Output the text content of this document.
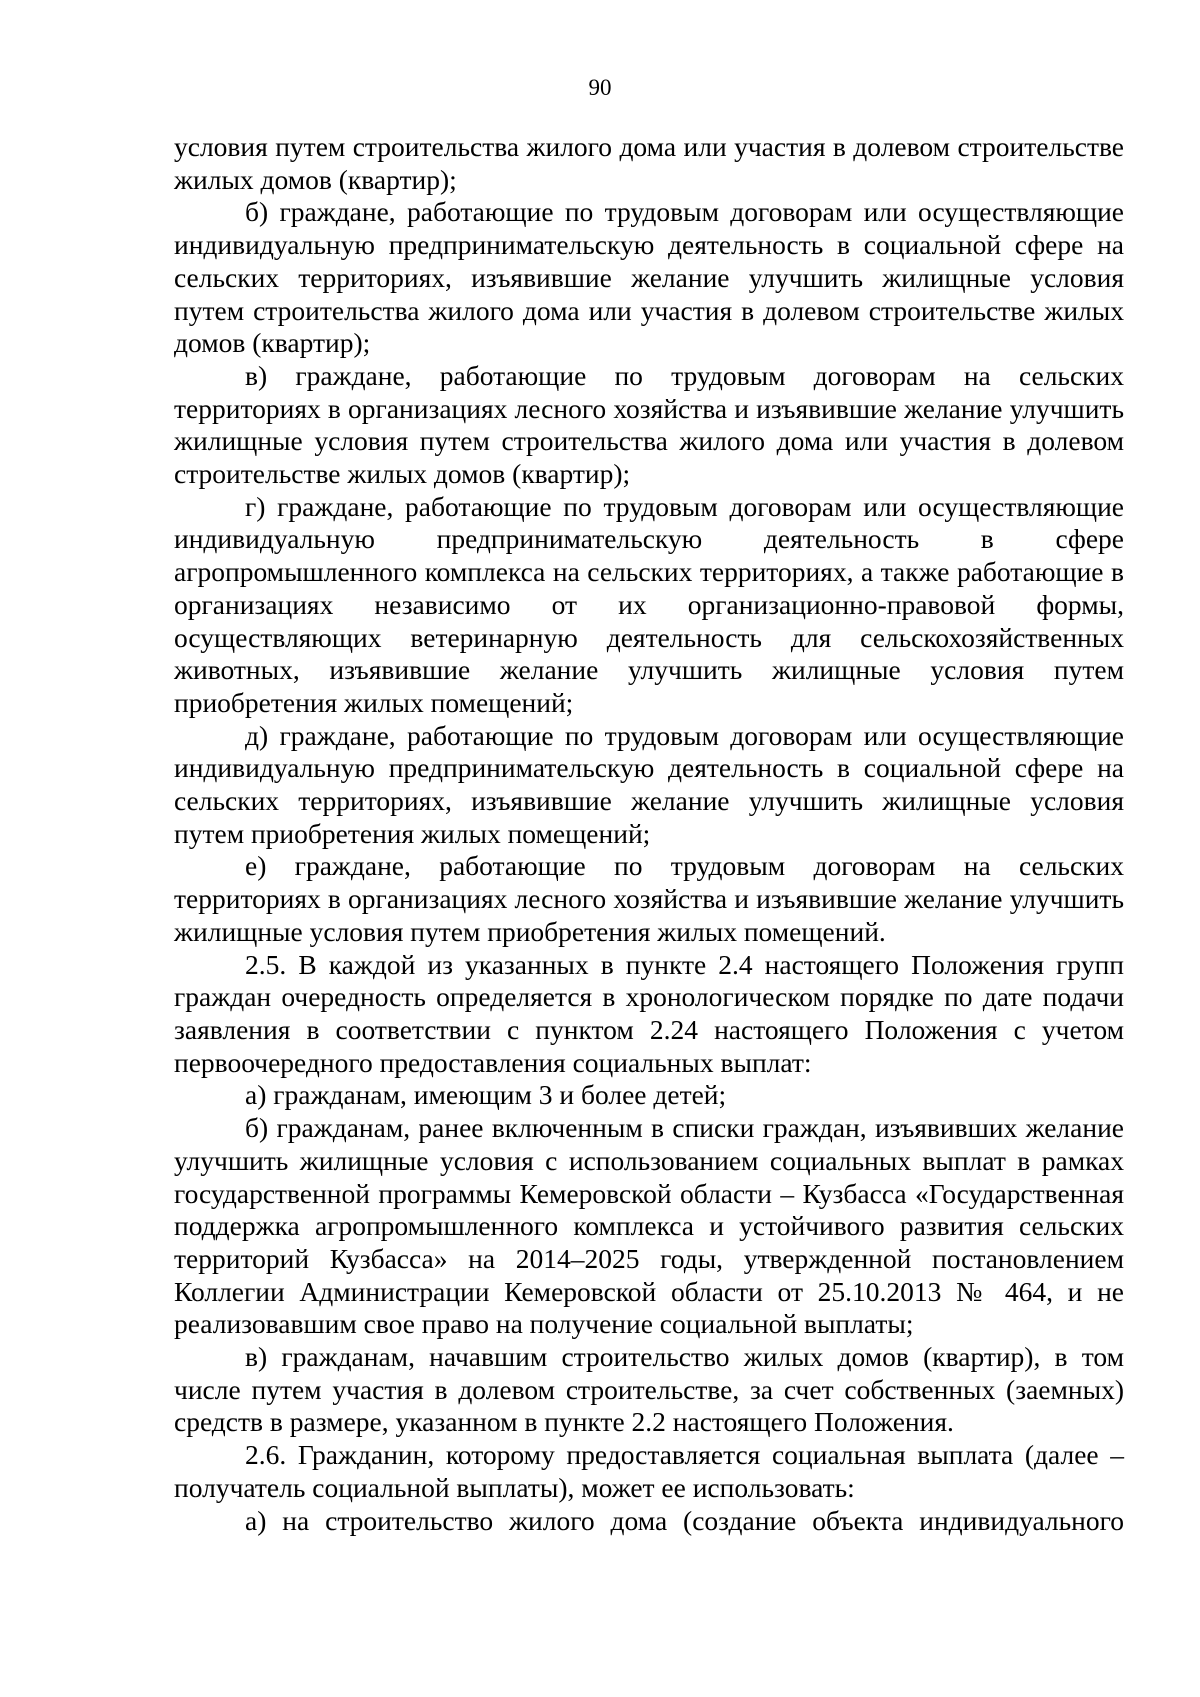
90

условия путем строительства жилого дома или участия в долевом строительстве жилых домов (квартир);

б) граждане, работающие по трудовым договорам или осуществляющие индивидуальную предпринимательскую деятельность в социальной сфере на сельских территориях, изъявившие желание улучшить жилищные условия путем строительства жилого дома или участия в долевом строительстве жилых домов (квартир);

в) граждане, работающие по трудовым договорам на сельских территориях в организациях лесного хозяйства и изъявившие желание улучшить жилищные условия путем строительства жилого дома или участия в долевом строительстве жилых домов (квартир);

г) граждане, работающие по трудовым договорам или осуществляющие индивидуальную предпринимательскую деятельность в сфере агропромышленного комплекса на сельских территориях, а также работающие в организациях независимо от их организационно-правовой формы, осуществляющих ветеринарную деятельность для сельскохозяйственных животных, изъявившие желание улучшить жилищные условия путем приобретения жилых помещений;

д) граждане, работающие по трудовым договорам или осуществляющие индивидуальную предпринимательскую деятельность в социальной сфере на сельских территориях, изъявившие желание улучшить жилищные условия путем приобретения жилых помещений;

е) граждане, работающие по трудовым договорам на сельских территориях в организациях лесного хозяйства и изъявившие желание улучшить жилищные условия путем приобретения жилых помещений.

2.5. В каждой из указанных в пункте 2.4 настоящего Положения групп граждан очередность определяется в хронологическом порядке по дате подачи заявления в соответствии с пунктом 2.24 настоящего Положения с учетом первоочередного предоставления социальных выплат:

а) гражданам, имеющим 3 и более детей;

б) гражданам, ранее включенным в списки граждан, изъявивших желание улучшить жилищные условия с использованием социальных выплат в рамках государственной программы Кемеровской области – Кузбасса «Государственная поддержка агропромышленного комплекса и устойчивого развития сельских территорий Кузбасса» на 2014–2025 годы, утвержденной постановлением Коллегии Администрации Кемеровской области от 25.10.2013 № 464, и не реализовавшим свое право на получение социальной выплаты;

в) гражданам, начавшим строительство жилых домов (квартир), в том числе путем участия в долевом строительстве, за счет собственных (заемных) средств в размере, указанном в пункте 2.2 настоящего Положения.

2.6. Гражданин, которому предоставляется социальная выплата (далее – получатель социальной выплаты), может ее использовать:

а) на строительство жилого дома (создание объекта индивидуального
